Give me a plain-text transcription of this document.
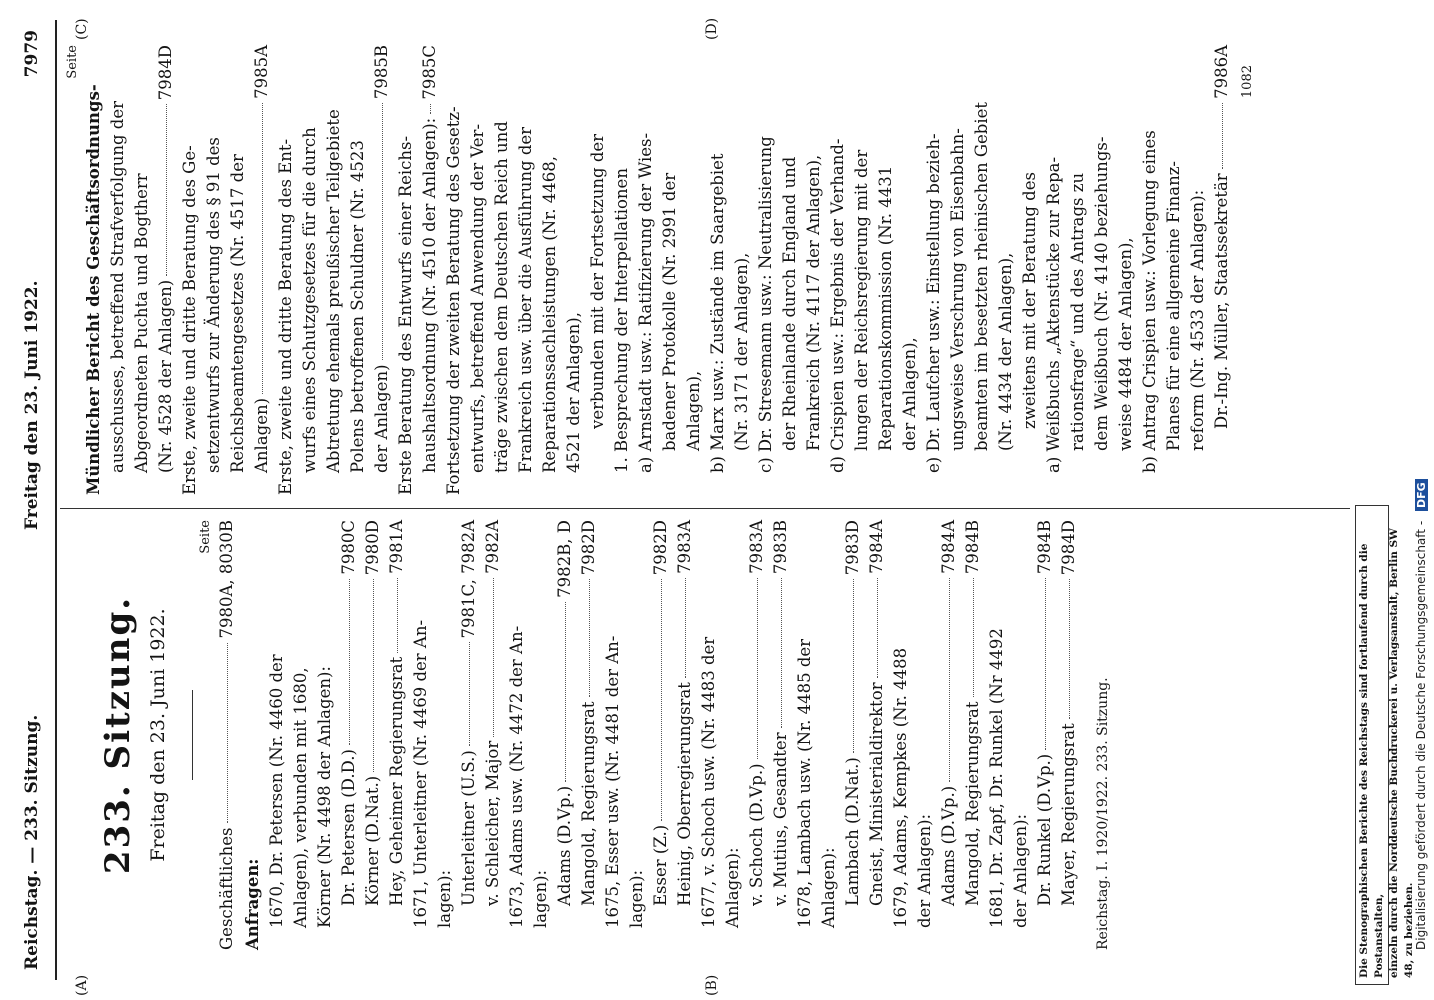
Reichstag. — 233. Sitzung.
Freitag den 23. Juni 1922.
7979
(A)	(B)
(C)	(D)
233. Sitzung. Freitag den 23. Juni 1922.
Seite
Geschäftliches
7980A, 8030B
Anfragen: 1670, Dr. Petersen (Nr. 4460 der Anlagen), verbunden mit 1680, Körner (Nr. 4498 der Anlagen): Dr. Petersen (D.D.)
7980C
Körner (D.Nat.)
7980D
Hey, Geheimer Regierungsrat
7981A
1671, Unterleitner (Nr. 4469 der An- lagen): Unterleitner (U.S.)
7981C, 7982A
v. Schleicher, Major
7982A
1673, Adams usw. (Nr. 4472 der An- lagen): Adams (D.Vp.)
7982B, D
Mangold, Regierungsrat
7982D
1675, Esser usw. (Nr. 4481 der An- lagen): Esser (Z.)
7982D
Heinig, Oberregierungsrat
7983A
1677, v. Schoch usw. (Nr. 4483 der Anlagen): v. Schoch (D.Vp.)
7983A
v. Mutius, Gesandter
7983B
1678, Lambach usw. (Nr. 4485 der Anlagen): Lambach (D.Nat.)
7983D
Gneist, Ministerialdirektor
7984A
1679, Adams, Kempkes (Nr. 4488 der Anlagen): Adams (D.Vp.)
7984A
Mangold, Regierungsrat
7984B
1681, Dr. Zapf, Dr. Runkel (Nr 4492 der Anlagen): Dr. Runkel (D.Vp.)
7984B
Mayer, Regierungsrat
7984D
Reichstag. I. 1920/1922. 233. Sitzung.
Seite
Mündlicher Bericht des Geschäftsordnungs- ausschusses, betreffend Strafverfolgung der Abgeordneten Puchta und Bogtherr (Nr. 4528 der Anlagen)
7984D
Erste, zweite und dritte Beratung des Ge- setzentwurfs zur Änderung des § 91 des Reichsbeamtengesetzes (Nr. 4517 der Anlagen)
7985A
Erste, zweite und dritte Beratung des Ent- wurfs eines Schutzgesetzes für die durch Abtretung ehemals preußischer Teilgebiete Polens betroffenen Schuldner (Nr. 4523 der Anlagen)
7985B
Erste Beratung des Entwurfs einer Reichs- haushaltsordnung (Nr. 4510 der Anlagen):
7985C
Fortsetzung der zweiten Beratung des Gesetz- entwurfs, betreffend Anwendung der Ver- träge zwischen dem Deutschen Reich und Frankreich usw. über die Ausführung der Reparationssachleistungen (Nr. 4468, 4521 der Anlagen), verbunden mit der Fortsetzung der 1. Besprechung der Interpellationen a) Arnstadt usw.: Ratifizierung der Wies- badener Protokolle (Nr. 2991 der Anlagen), b) Marx usw.: Zustände im Saargebiet (Nr. 3171 der Anlagen), c) Dr. Stresemann usw.: Neutralisierung der Rheinlande durch England und Frankreich (Nr. 4117 der Anlagen), d) Crispien usw.: Ergebnis der Verhand- lungen der Reichsregierung mit der Reparationskommission (Nr. 4431 der Anlagen), e) Dr. Laufcher usw.: Einstellung bezieh- ungsweise Verschrung von Eisenbahn- beamten im besetzten rheinischen Gebiet (Nr. 4434 der Anlagen), zweitens mit der Beratung des a) Weißbuchs „Aktenstücke zur Repa- rationsfrage“ und des Antrags zu dem Weißbuch (Nr. 4140 beziehungs- weise 4484 der Anlagen), b) Antrag Crispien usw.: Vorlegung eines Planes für eine allgemeine Finanz- reform (Nr. 4533 der Anlagen): Dr.-Ing. Müller, Staatssekretär
7986A 1082
Die Stenographischen Berichte des Reichstags sind fortlaufend durch die Postanstalten, einzeln durch die Norddeutsche Buchdruckerei u. Verlagsanstalt, Berlin SW 48, zu beziehen. Digitalisierung gefördert durch die Deutsche Forschungsgemeinschaft - DFG
